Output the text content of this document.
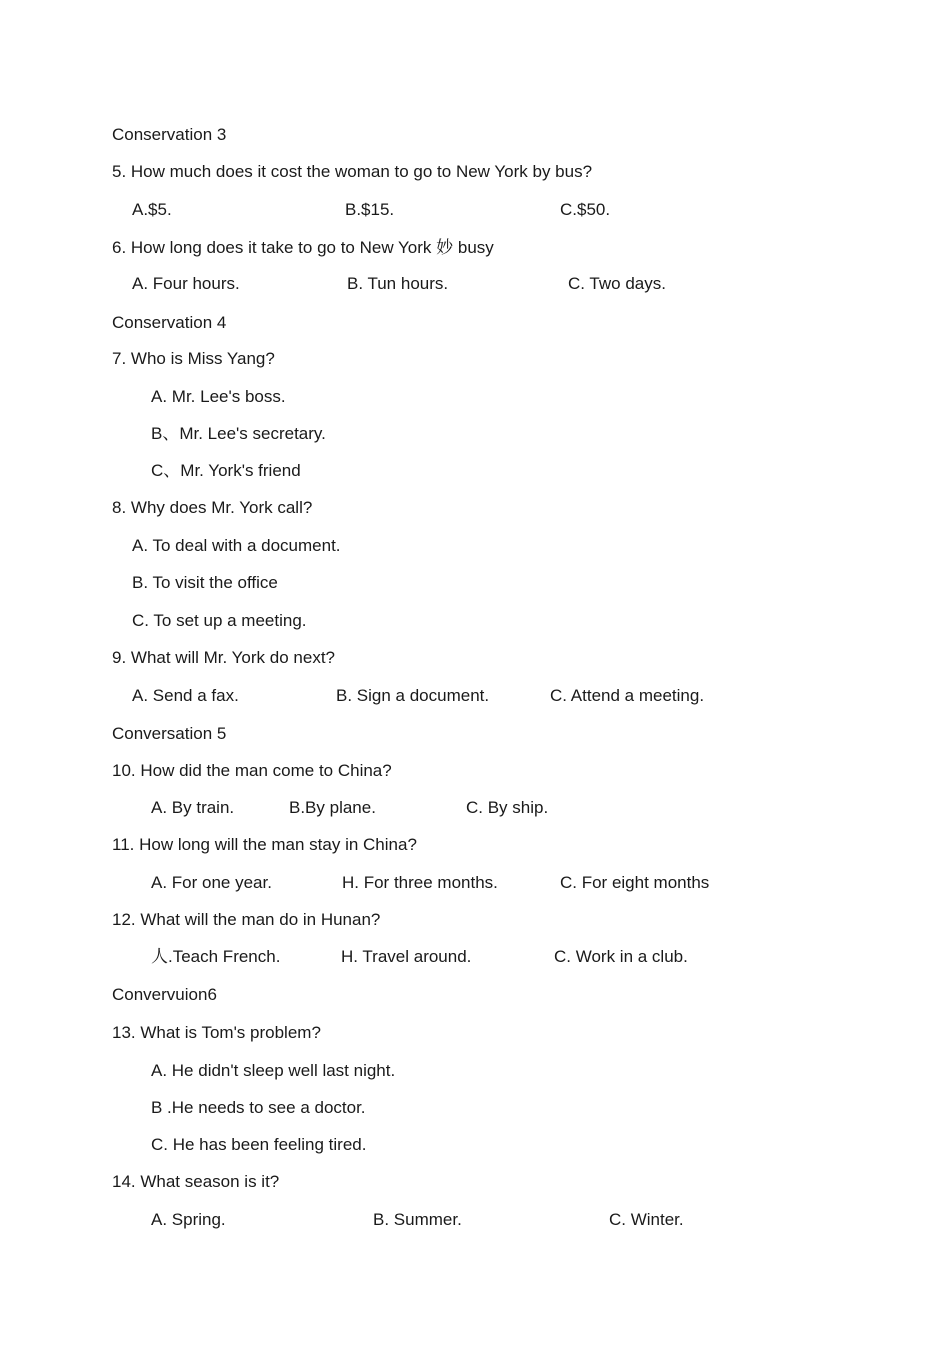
Conservation 3
5. How much does it cost the woman to go to New York by bus?
A.$5.	B.$15.	C.$50.
6. How long does it take to go to New York 妙 busy
A. Four hours.	B. Tun hours.	C. Two days.
Conservation 4
7. Who is Miss Yang?
A. Mr. Lee's boss.
B、Mr. Lee's secretary.
C、Mr. York's friend
8. Why does Mr. York call?
A. To deal with a document.
B. To visit the office
C. To set up a meeting.
9. What will Mr. York do next?
A. Send a fax.	B. Sign a document.	C. Attend a meeting.
Conversation 5
10. How did the man come to China?
A. By train.	B.By plane.	C. By ship.
11. How long will the man stay in China?
A. For one year.	H. For three months.	C. For eight months
12. What will the man do in Hunan?
人.Teach French.	H. Travel around.	C. Work in a club.
Convervuion6
13. What is Tom's problem?
A. He didn't sleep well last night.
B .He needs to see a doctor.
C. He has been feeling tired.
14. What season is it?
A. Spring.	B. Summer.	C. Winter.
